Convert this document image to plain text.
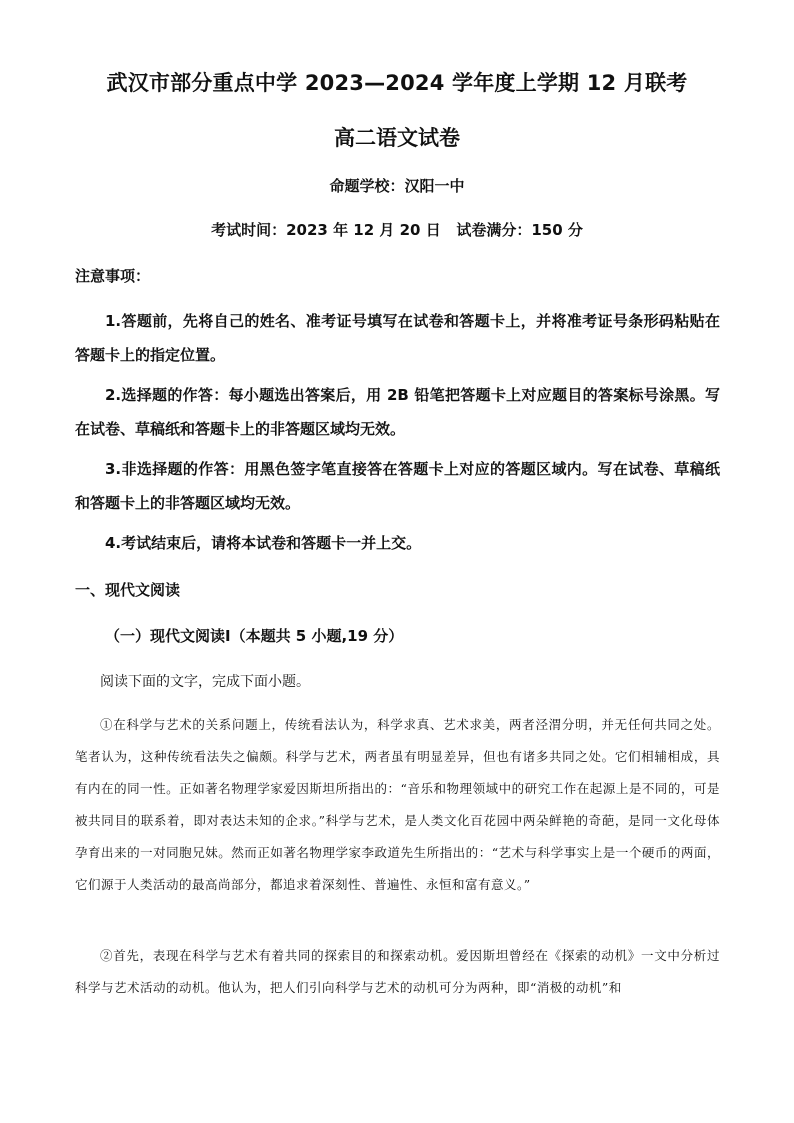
武汉市部分重点中学 2023—2024 学年度上学期 12 月联考
高二语文试卷
命题学校：汉阳一中
考试时间：2023 年 12 月 20 日   试卷满分：150 分
注意事项：
1.答题前，先将自己的姓名、准考证号填写在试卷和答题卡上，并将准考证号条形码粘贴在答题卡上的指定位置。
2.选择题的作答：每小题选出答案后，用 2B 铅笔把答题卡上对应题目的答案标号涂黑。写在试卷、草稿纸和答题卡上的非答题区域均无效。
3.非选择题的作答：用黑色签字笔直接答在答题卡上对应的答题区域内。写在试卷、草稿纸和答题卡上的非答题区域均无效。
4.考试结束后，请将本试卷和答题卡一并上交。
一、现代文阅读
（一）现代文阅读Ⅰ（本题共 5 小题,19 分）
阅读下面的文字，完成下面小题。
①在科学与艺术的关系问题上，传统看法认为，科学求真、艺术求美，两者泾渭分明，并无任何共同之处。笔者认为，这种传统看法失之偏颇。科学与艺术，两者虽有明显差异，但也有诸多共同之处。它们相辅相成，具有内在的同一性。正如著名物理学家爱因斯坦所指出的：“音乐和物理领域中的研究工作在起源上是不同的，可是被共同目的联系着，即对表达未知的企求。”科学与艺术，是人类文化百花园中两朵鲜艳的奇葩，是同一文化母体孕育出来的一对同胞兄妹。然而正如著名物理学家李政道先生所指出的：“艺术与科学事实上是一个硬币的两面，它们源于人类活动的最高尚部分，都追求着深刻性、普遍性、永恒和富有意义。”
②首先，表现在科学与艺术有着共同的探索目的和探索动机。爱因斯坦曾经在《探索的动机》一文中分析过科学与艺术活动的动机。他认为，把人们引向科学与艺术的动机可分为两种，即“消极的动机”和
